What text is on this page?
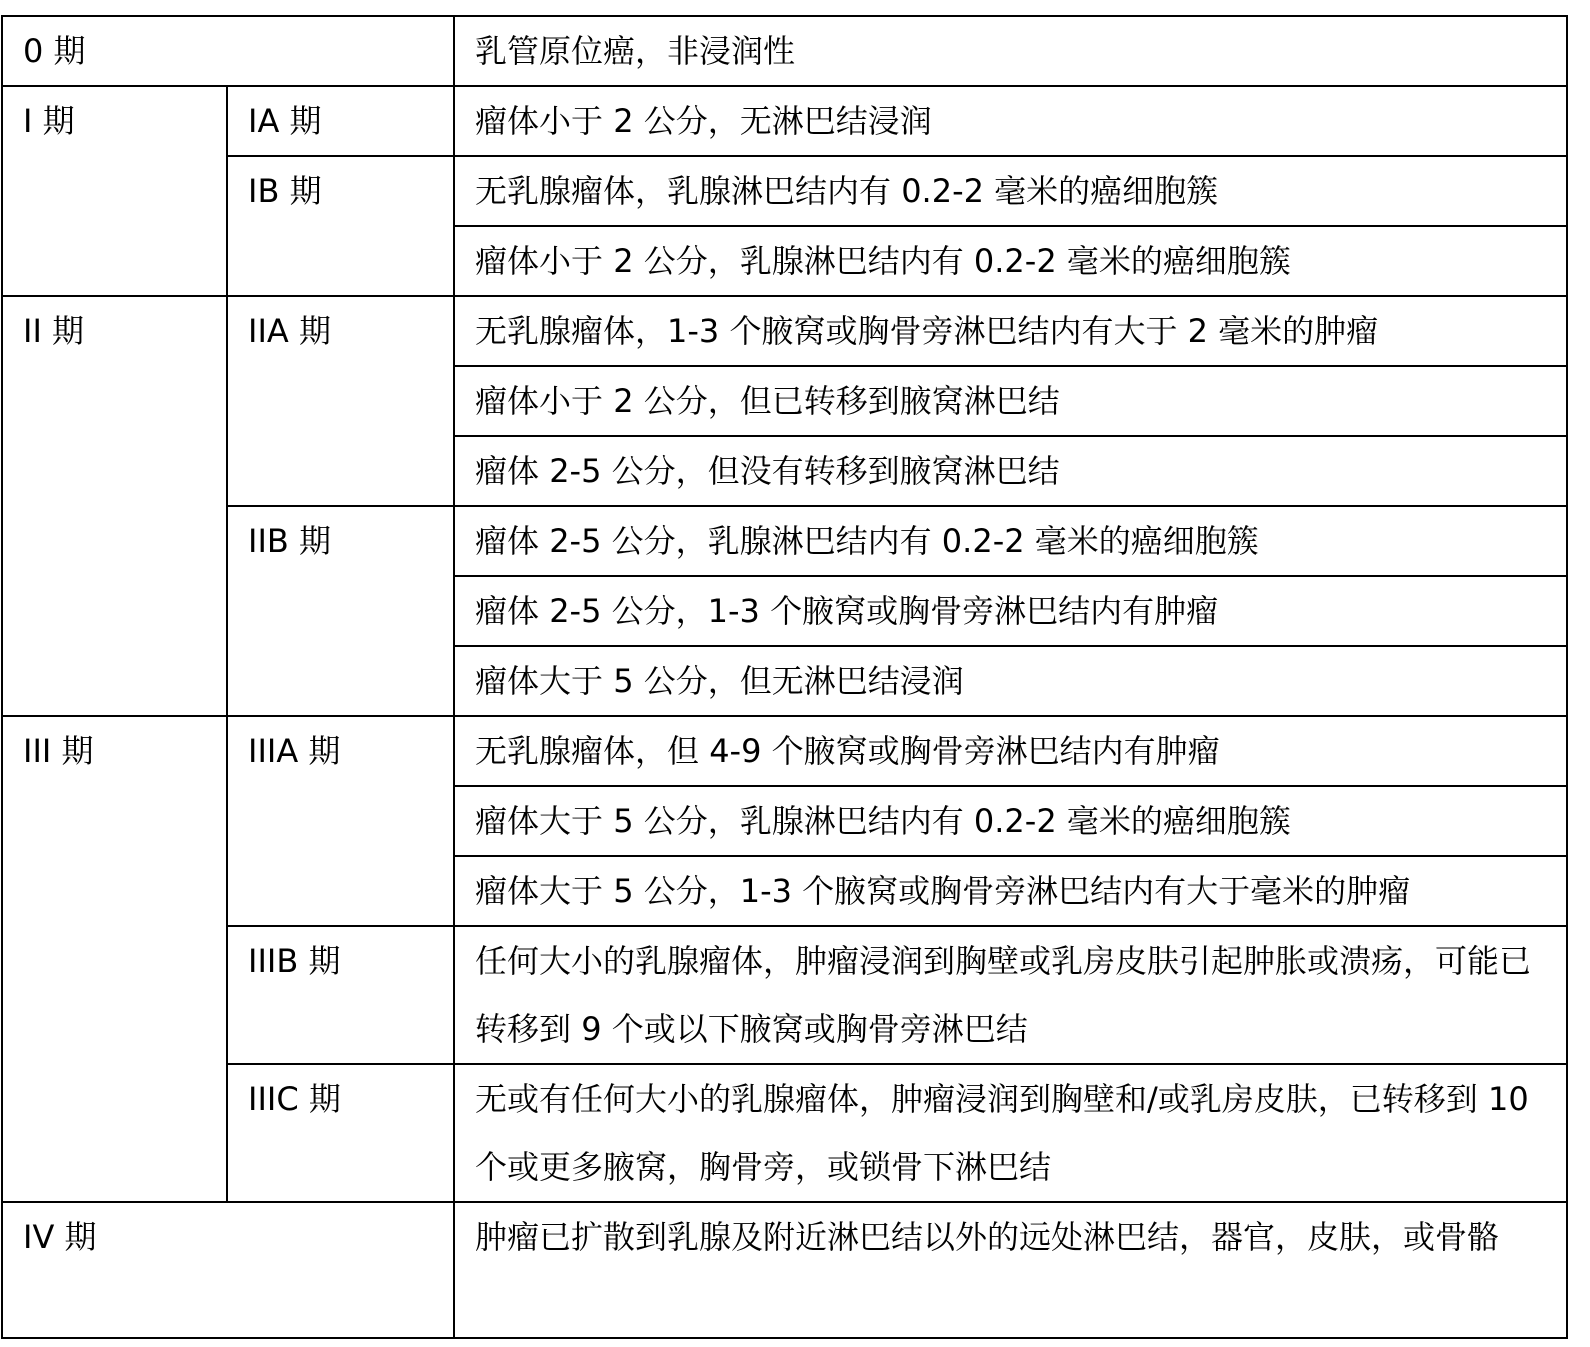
0 期		乳管原位癌，非浸润性
I 期	IA 期	瘤体小于 2 公分，无淋巴结浸润
	IB 期	无乳腺瘤体，乳腺淋巴结内有 0.2-2 毫米的癌细胞簇
		瘤体小于 2 公分，乳腺淋巴结内有 0.2-2 毫米的癌细胞簇
II 期	IIA 期	无乳腺瘤体，1-3 个腋窝或胸骨旁淋巴结内有大于 2 毫米的肿瘤
		瘤体小于 2 公分，但已转移到腋窝淋巴结
		瘤体 2-5 公分，但没有转移到腋窝淋巴结
	IIB 期	瘤体 2-5 公分，乳腺淋巴结内有 0.2-2 毫米的癌细胞簇
		瘤体 2-5 公分，1-3 个腋窝或胸骨旁淋巴结内有肿瘤
		瘤体大于 5 公分，但无淋巴结浸润
III 期	IIIA 期	无乳腺瘤体，但 4-9 个腋窝或胸骨旁淋巴结内有肿瘤
		瘤体大于 5 公分，乳腺淋巴结内有 0.2-2 毫米的癌细胞簇
		瘤体大于 5 公分，1-3 个腋窝或胸骨旁淋巴结内有大于毫米的肿瘤
	IIIB 期	任何大小的乳腺瘤体，肿瘤浸润到胸壁或乳房皮肤引起肿胀或溃疡，可能已转移到 9 个或以下腋窝或胸骨旁淋巴结
	IIIC 期	无或有任何大小的乳腺瘤体，肿瘤浸润到胸壁和/或乳房皮肤，已转移到 10 个或更多腋窝，胸骨旁，或锁骨下淋巴结
IV 期		肿瘤已扩散到乳腺及附近淋巴结以外的远处淋巴结，器官，皮肤，或骨骼
